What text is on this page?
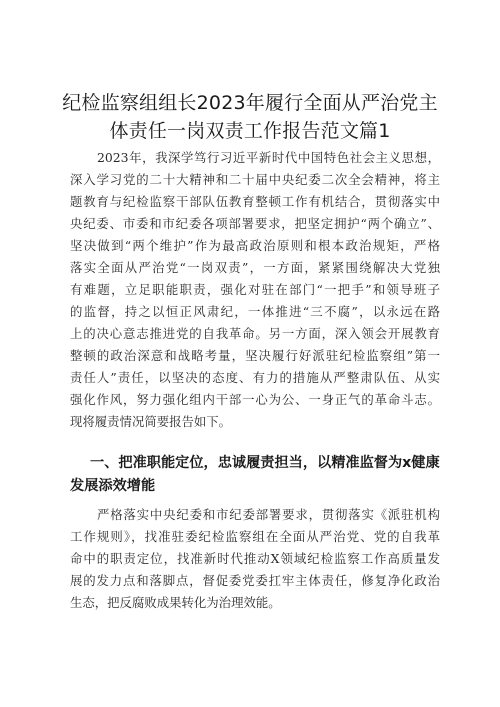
纪检监察组组长2023年履行全面从严治党主
体责任一岗双责工作报告范文篇1
2023年，我深学笃行习近平新时代中国特色社会主义思想，
深入学习党的二十大精神和二十届中央纪委二次全会精神，将主
题教育与纪检监察干部队伍教育整顿工作有机结合，贯彻落实中
央纪委、市委和市纪委各项部署要求，把坚定拥护“两个确立”、
坚决做到“两个维护”作为最高政治原则和根本政治规矩，严格
落实全面从严治党“一岗双责”，一方面，紧紧围绕解决大党独
有难题，立足职能职责，强化对驻在部门“一把手”和领导班子
的监督，持之以恒正风肃纪，一体推进“三不腐”，以永远在路
上的决心意志推进党的自我革命。另一方面，深入领会开展教育
整顿的政治深意和战略考量，坚决履行好派驻纪检监察组”第一
责任人”责任，以坚决的态度、有力的措施从严整肃队伍、从实
强化作风，努力强化组内干部一心为公、一身正气的革命斗志。
现将履责情况简要报告如下。
一、把准职能定位，忠诚履责担当，以精准监督为x健康
发展添效增能
严格落实中央纪委和市纪委部署要求，贯彻落实《派驻机构
工作规则》，找准驻委纪检监察组在全面从严治党、党的自我革
命中的职责定位，找准新时代推动X领域纪检监察工作高质量发
展的发力点和落脚点，督促委党委扛牢主体责任，修复净化政治
生态，把反腐败成果转化为治理效能。
